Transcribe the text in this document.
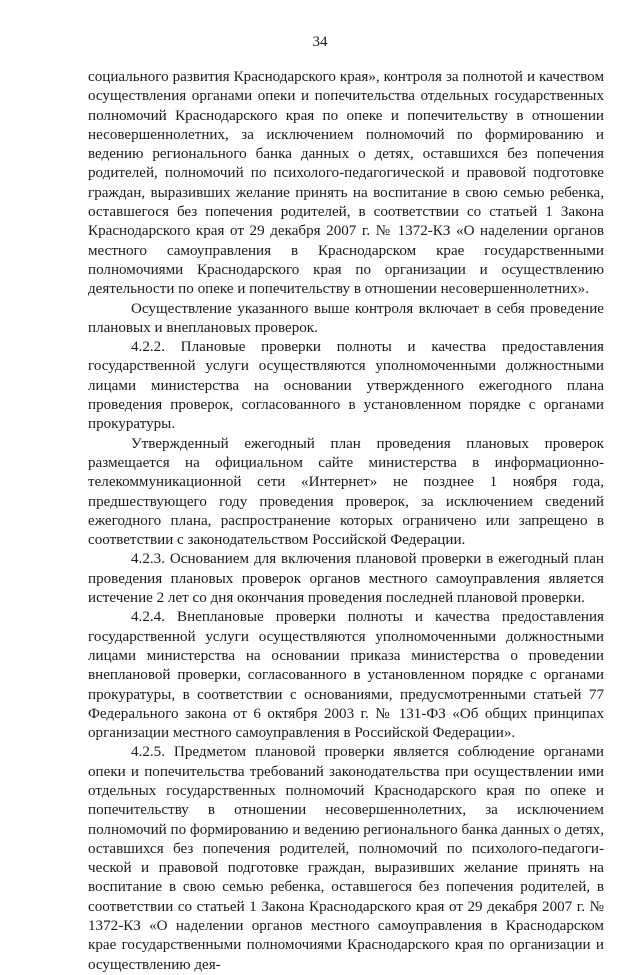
34

социального развития Краснодарского края», контроля за полнотой и качеством осуществления органами опеки и попечительства отдельных государственных полномочий Краснодарского края по опеке и попечительству в отношении несовершеннолетних, за исключением полномочий по формированию и ведению регионального банка данных о детях, оставшихся без попечения родителей, полномочий по психолого-педагогической и правовой подготовке граждан, выразивших желание принять на воспитание в свою семью ребенка, оставшегося без попечения родителей, в соответствии со статьей 1 Закона Краснодарского края от 29 декабря 2007 г. № 1372-КЗ «О наделении органов местного самоуправления в Краснодарском крае государственными полномочиями Краснодарского края по организации и осуществлению деятельности по опеке и попечительству в отношении несовершеннолетних».

Осуществление указанного выше контроля включает в себя проведение плановых и внеплановых проверок.

4.2.2. Плановые проверки полноты и качества предоставления государственной услуги осуществляются уполномоченными должностными лицами министерства на основании утвержденного ежегодного плана проведения проверок, согласованного в установленном порядке с органами прокуратуры.

Утвержденный ежегодный план проведения плановых проверок размещается на официальном сайте министерства в информационно-телекоммуникационной сети «Интернет» не позднее 1 ноября года, предшествующего году проведения проверок, за исключением сведений ежегодного плана, распространение которых ограничено или запрещено в соответствии с законодательством Российской Федерации.

4.2.3. Основанием для включения плановой проверки в ежегодный план проведения плановых проверок органов местного самоуправления является истечение 2 лет со дня окончания проведения последней плановой проверки.

4.2.4. Внеплановые проверки полноты и качества предоставления государственной услуги осуществляются уполномоченными должностными лицами министерства на основании приказа министерства о проведении внеплановой проверки, согласованного в установленном порядке с органами прокуратуры, в соответствии с основаниями, предусмотренными статьей 77 Федерального закона от 6 октября 2003 г. № 131-ФЗ «Об общих принципах организации местного самоуправления в Российской Федерации».

4.2.5. Предметом плановой проверки является соблюдение органами опеки и попечительства требований законодательства при осуществлении ими отдельных государственных полномочий Краснодарского края по опеке и попечительству в отношении несовершеннолетних, за исключением полномочий по формированию и ведению регионального банка данных о детях, оставшихся без попечения родителей, полномочий по психолого-педагоги-ческой и правовой подготовке граждан, выразивших желание принять на воспитание в свою семью ребенка, оставшегося без попечения родителей, в соответствии со статьей 1 Закона Краснодарского края от 29 декабря 2007 г. № 1372-КЗ «О наделении органов местного самоуправления в Краснодарском крае государственными полномочиями Краснодарского края по организации и осуществлению дея-
